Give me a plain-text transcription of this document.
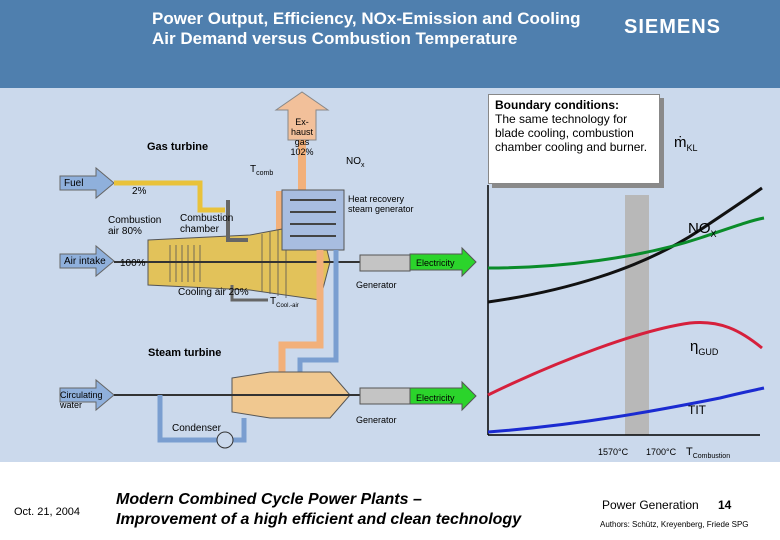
Power Output, Efficiency, NOx-Emission and Cooling Air Demand versus Combustion Temperature
SIEMENS
Gas turbine
$T_{comb}$
Ex-
haust
gas
102%
$NO_x$
Fuel
2%
Heat recovery
steam generator
Combustion
air 80%
Combustion
chamber
Air intake 100%	Electricity
Generator
Cooling air 20%
$T_{Cool.-air}$
Steam turbine
Circulating
water
Electricity
Generator
Condenser
ṁ$_{KL}$
$NO_X$
$\eta_{GUD}$
TIT
1570°C 1700°C $T_{Combustion}$
Boundary conditions:
The same technology for blade cooling, combustion chamber cooling and burner.
Oct. 21, 2004
Modern Combined Cycle Power Plants –
Improvement of a high efficient and clean technology
Power Generation 14
Authors: Schütz, Kreyenberg, Friede SPG
